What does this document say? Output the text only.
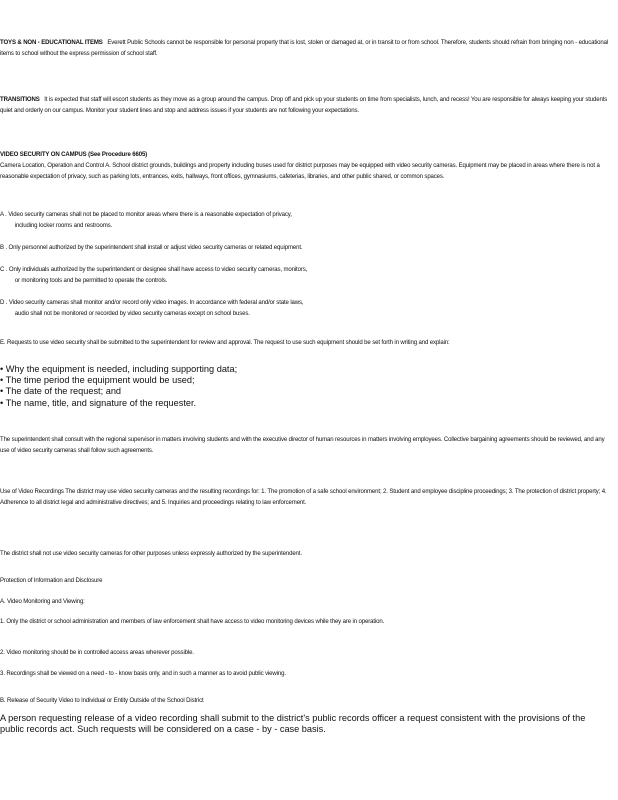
TOYS & NON - EDUCATIONAL ITEMS Everett Public Schools cannot be responsible for personal property that is lost, stolen or damaged at, or in transit to or from school. Therefore, students should refrain from bringing non - educational items to school without the express permission of school staff.

TRANSITIONS It is expected that staff will escort students as they move as a group around the campus. Drop off and pick up your students on time from specialists, lunch, and recess! You are responsible for always keeping your students quiet and orderly on our campus. Monitor your student lines and stop and address issues if your students are not following your expectations.

VIDEO SECURITY ON CAMPUS (See Procedure 6605)

Camera Location, Operation and Control A. School district grounds, buildings and property including buses used for district purposes may be equipped with video security cameras. Equipment may be placed in areas where there is not a reasonable expectation of privacy, such as parking lots, entrances, exits, hallways, front offices, gymnasiums, cafeterias, libraries, and other public shared, or common spaces.

A . Video security cameras shall not be placed to monitor areas where there is a reasonable expectation of privacy,

including locker rooms and restrooms.

B . Only personnel authorized by the superintendent shall install or adjust video security cameras or related equipment.

C . Only individuals authorized by the superintendent or designee shall have access to video security cameras, monitors,

or monitoring tools and be permitted to operate the controls.

D . Video security cameras shall monitor and/or record only video images. In accordance with federal and/or state laws,

audio shall not be monitored or recorded by video security cameras except on school buses.

E. Requests to use video security shall be submitted to the superintendent for review and approval. The request to use such equipment should be set forth in writing and explain:

• Why the equipment is needed, including supporting data;

• The time period the equipment would be used;

• The date of the request; and

• The name, title, and signature of the requester.

The superintendent shall consult with the regional supervisor in matters involving students and with the executive director of human resources in matters involving employees. Collective bargaining agreements should be reviewed, and any use of video security cameras shall follow such agreements.

Use of Video Recordings The district may use video security cameras and the resulting recordings for: 1. The promotion of a safe school environment; 2. Student and employee discipline proceedings; 3. The protection of district property; 4. Adherence to all district legal and administrative directives; and 5. Inquiries and proceedings relating to law enforcement.

The district shall not use video security cameras for other purposes unless expressly authorized by the superintendent.

Protection of Information and Disclosure

A. Video Monitoring and Viewing:

1. Only the district or school administration and members of law enforcement shall have access to video monitoring devices while they are in operation.

2. Video monitoring should be in controlled access areas wherever possible.

3. Recordings shall be viewed on a need - to - know basis only, and in such a manner as to avoid public viewing.

B. Release of Security Video to Individual or Entity Outside of the School District

A person requesting release of a video recording shall submit to the district's public records officer a request consistent with the provisions of the public records act. Such requests will be considered on a case - by - case basis.
